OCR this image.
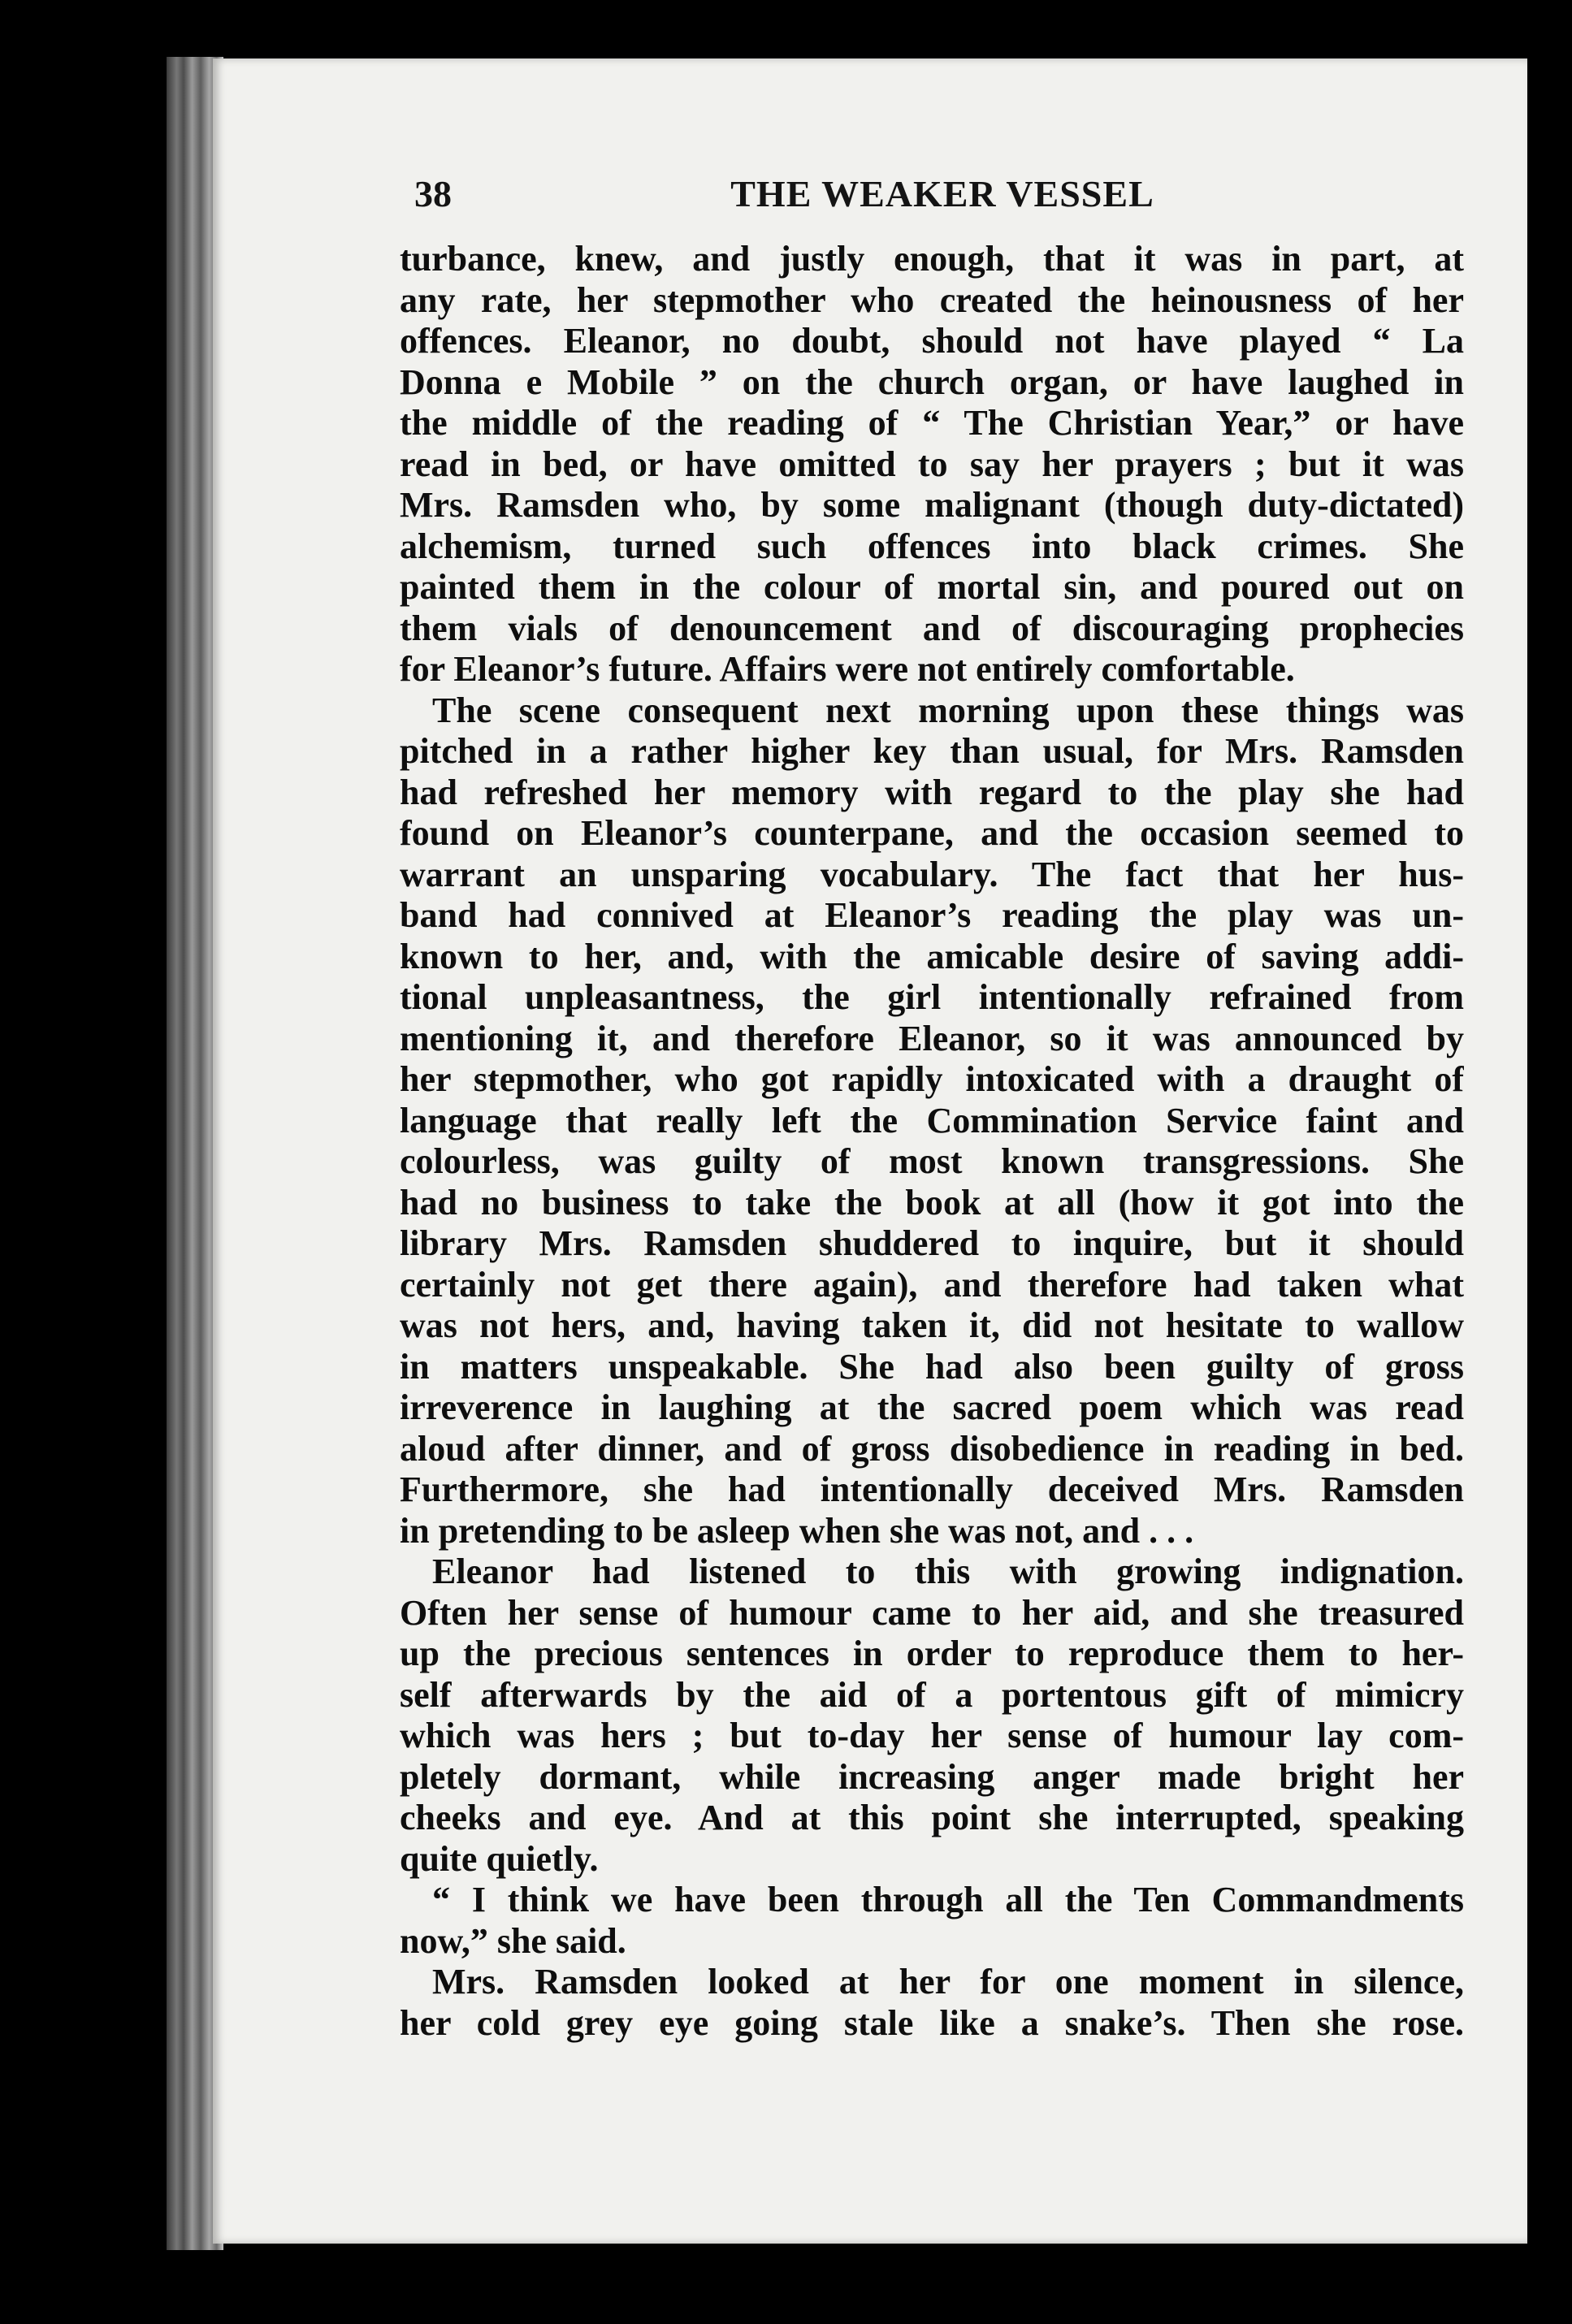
38	THE WEAKER VESSEL
turbance, knew, and justly enough, that it was in part, at
any rate, her stepmother who created the heinousness of her
offences. Eleanor, no doubt, should not have played “ La
Donna e Mobile ” on the church organ, or have laughed in
the middle of the reading of “ The Christian Year,” or have
read in bed, or have omitted to say her prayers ; but it was
Mrs. Ramsden who, by some malignant (though duty-dictated)
alchemism, turned such offences into black crimes. She
painted them in the colour of mortal sin, and poured out on
them vials of denouncement and of discouraging prophecies
for Eleanor’s future. Affairs were not entirely comfortable.
The scene consequent next morning upon these things was
pitched in a rather higher key than usual, for Mrs. Ramsden
had refreshed her memory with regard to the play she had
found on Eleanor’s counterpane, and the occasion seemed to
warrant an unsparing vocabulary. The fact that her hus-
band had connived at Eleanor’s reading the play was un-
known to her, and, with the amicable desire of saving addi-
tional unpleasantness, the girl intentionally refrained from
mentioning it, and therefore Eleanor, so it was announced by
her stepmother, who got rapidly intoxicated with a draught of
language that really left the Commination Service faint and
colourless, was guilty of most known transgressions. She
had no business to take the book at all (how it got into the
library Mrs. Ramsden shuddered to inquire, but it should
certainly not get there again), and therefore had taken what
was not hers, and, having taken it, did not hesitate to wallow
in matters unspeakable. She had also been guilty of gross
irreverence in laughing at the sacred poem which was read
aloud after dinner, and of gross disobedience in reading in bed.
Furthermore, she had intentionally deceived Mrs. Ramsden
in pretending to be asleep when she was not, and . . .
Eleanor had listened to this with growing indignation.
Often her sense of humour came to her aid, and she treasured
up the precious sentences in order to reproduce them to her-
self afterwards by the aid of a portentous gift of mimicry
which was hers ; but to-day her sense of humour lay com-
pletely dormant, while increasing anger made bright her
cheeks and eye. And at this point she interrupted, speaking
quite quietly.
“ I think we have been through all the Ten Commandments
now,” she said.
Mrs. Ramsden looked at her for one moment in silence,
her cold grey eye going stale like a snake’s. Then she rose.
